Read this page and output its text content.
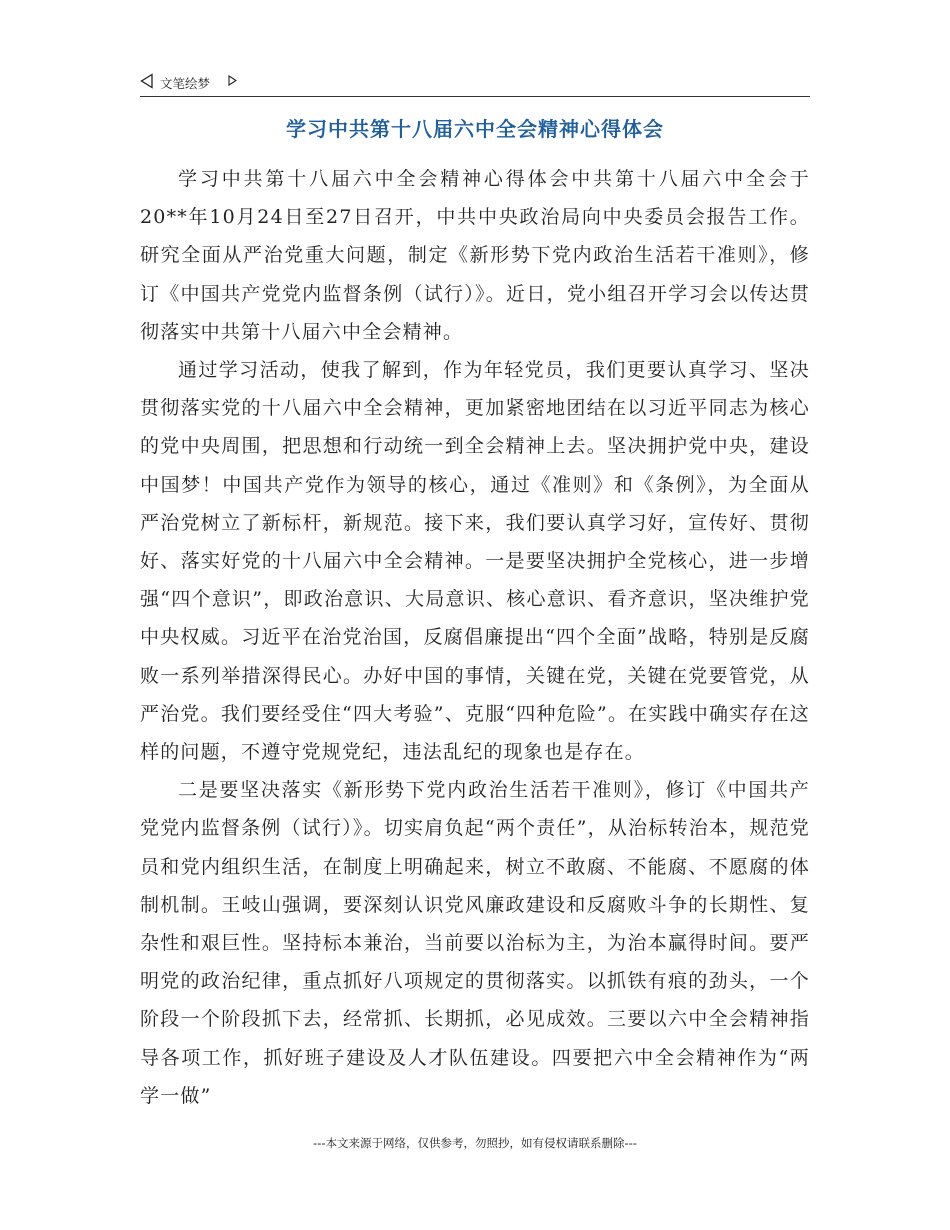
文笔绘梦
学习中共第十八届六中全会精神心得体会

学习中共第十八届六中全会精神心得体会中共第十八届六中全会于20**年10月24日至27日召开，中共中央政治局向中央委员会报告工作。研究全面从严治党重大问题，制定《新形势下党内政治生活若干准则》，修订《中国共产党党内监督条例（试行）》。近日，党小组召开学习会以传达贯彻落实中共第十八届六中全会精神。

通过学习活动，使我了解到，作为年轻党员，我们更要认真学习、坚决贯彻落实党的十八届六中全会精神，更加紧密地团结在以习近平同志为核心的党中央周围，把思想和行动统一到全会精神上去。坚决拥护党中央，建设中国梦！中国共产党作为领导的核心，通过《准则》和《条例》，为全面从严治党树立了新标杆，新规范。接下来，我们要认真学习好，宣传好、贯彻好、落实好党的十八届六中全会精神。一是要坚决拥护全党核心，进一步增强“四个意识”，即政治意识、大局意识、核心意识、看齐意识，坚决维护党中央权威。习近平在治党治国，反腐倡廉提出“四个全面”战略，特别是反腐败一系列举措深得民心。办好中国的事情，关键在党，关键在党要管党，从严治党。我们要经受住“四大考验”、克服“四种危险”。在实践中确实存在这样的问题，不遵守党规党纪，违法乱纪的现象也是存在。

二是要坚决落实《新形势下党内政治生活若干准则》，修订《中国共产党党内监督条例（试行）》。切实肩负起“两个责任”，从治标转治本，规范党员和党内组织生活，在制度上明确起来，树立不敢腐、不能腐、不愿腐的体制机制。王岐山强调，要深刻认识党风廉政建设和反腐败斗争的长期性、复杂性和艰巨性。坚持标本兼治，当前要以治标为主，为治本赢得时间。要严明党的政治纪律，重点抓好八项规定的贯彻落实。以抓铁有痕的劲头，一个阶段一个阶段抓下去，经常抓、长期抓，必见成效。三要以六中全会精神指导各项工作，抓好班子建设及人才队伍建设。四要把六中全会精神作为“两学一做”

---本文来源于网络，仅供参考，勿照抄，如有侵权请联系删除---
